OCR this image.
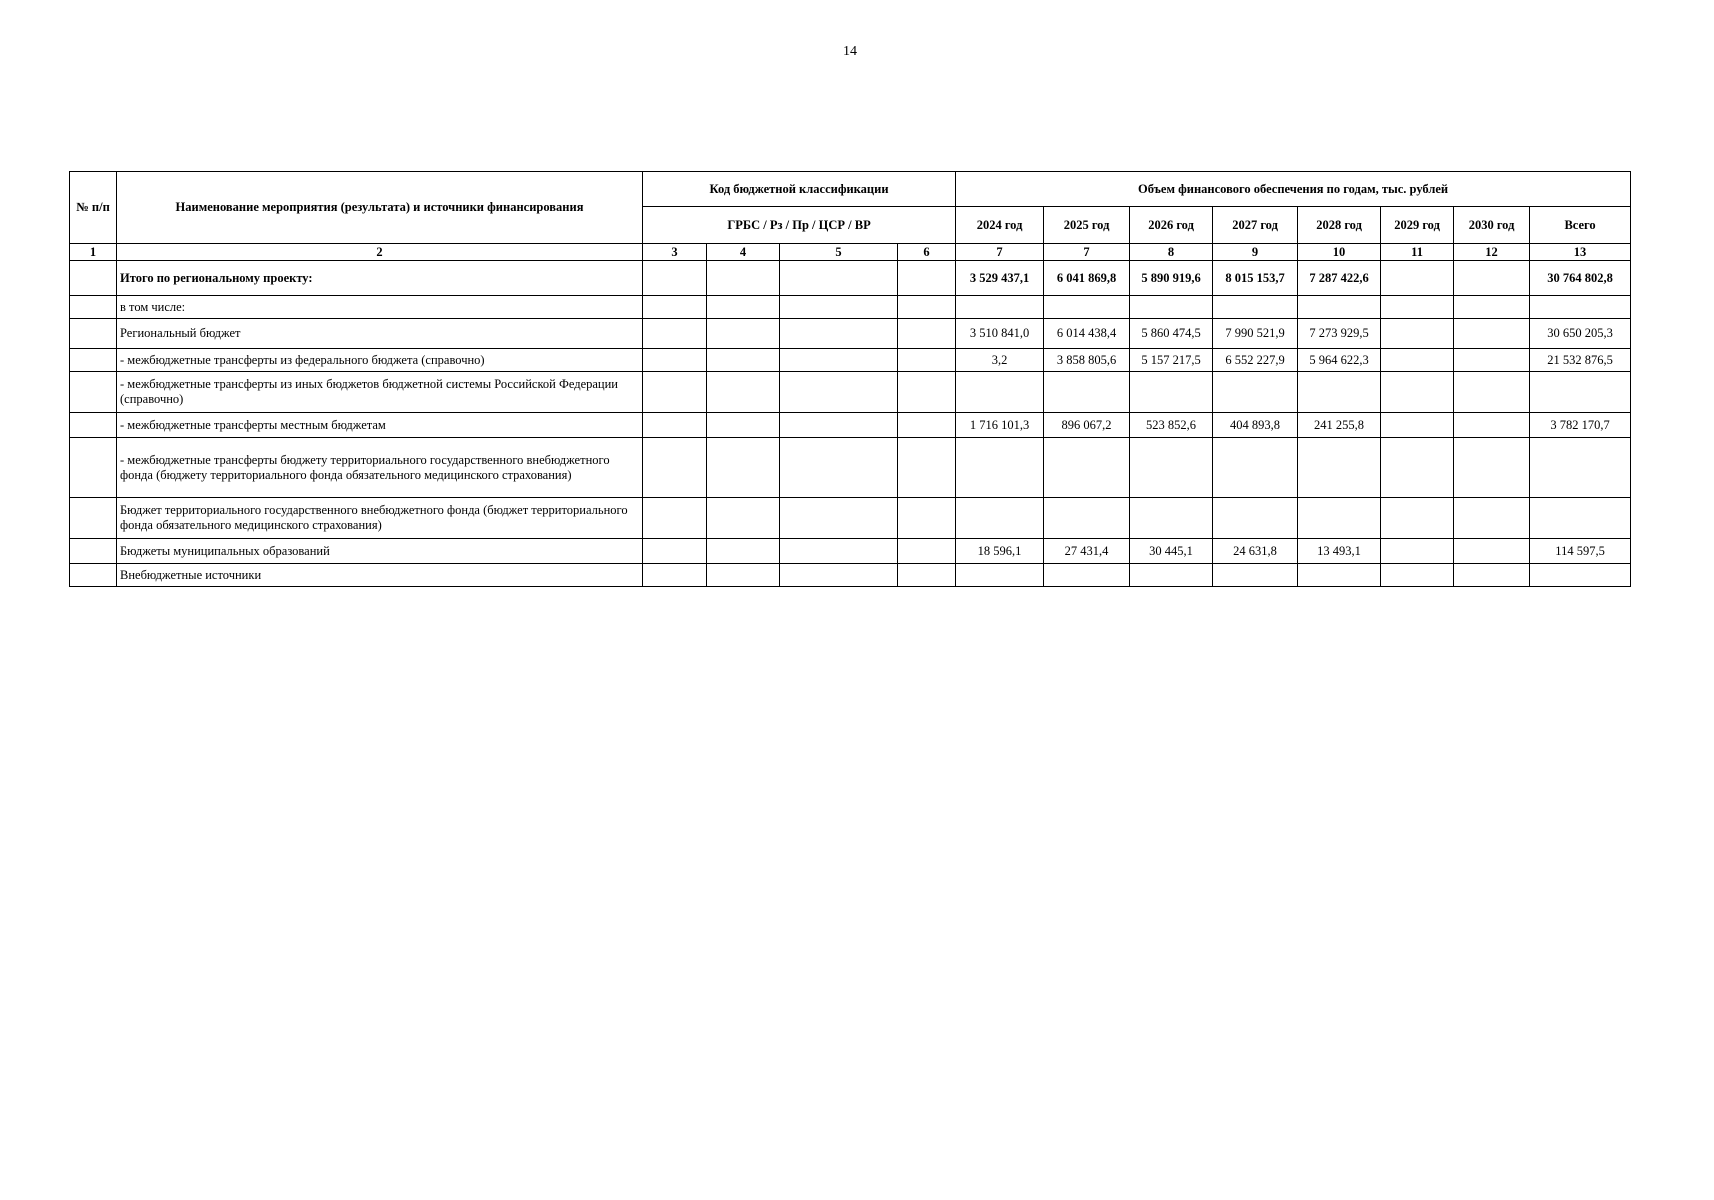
14
№ п/п	Наименование мероприятия (результата) и источники финансирования	Код бюджетной классификации				Объем финансового обеспечения по годам, тыс. рублей							
		ГРБС / Рз / Пр / ЦСР / ВР				2024 год	2025 год	2026 год	2027 год	2028 год	2029 год	2030 год	Всего
1	2	3	4	5	6	7	7	8	9	10	11	12	13
	Итого по региональному проекту:					3 529 437,1	6 041 869,8	5 890 919,6	8 015 153,7	7 287 422,6			30 764 802,8
	в том числе:												
	Региональный бюджет					3 510 841,0	6 014 438,4	5 860 474,5	7 990 521,9	7 273 929,5			30 650 205,3
	- межбюджетные трансферты из федерального бюджета (справочно)					3,2	3 858 805,6	5 157 217,5	6 552 227,9	5 964 622,3			21 532 876,5
	- межбюджетные трансферты из иных бюджетов бюджетной системы Российской Федерации (справочно)												
	- межбюджетные трансферты местным бюджетам					1 716 101,3	896 067,2	523 852,6	404 893,8	241 255,8			3 782 170,7
	- межбюджетные трансферты бюджету территориального государственного внебюджетного фонда (бюджету территориального фонда обязательного медицинского страхования)												
	Бюджет территориального государственного внебюджетного фонда (бюджет территориального фонда обязательного медицинского страхования)												
	Бюджеты муниципальных образований					18 596,1	27 431,4	30 445,1	24 631,8	13 493,1			114 597,5
	Внебюджетные источники												
